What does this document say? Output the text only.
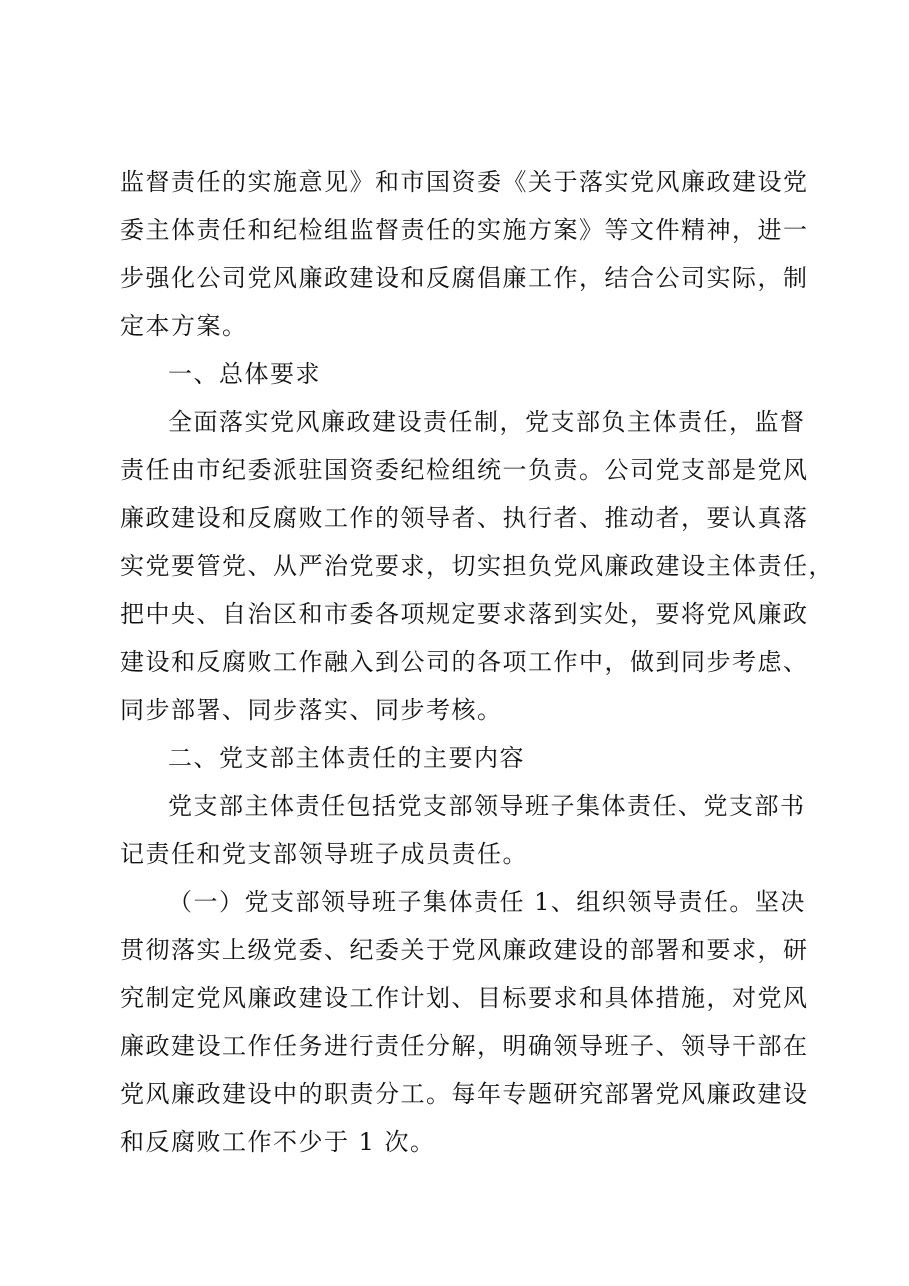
监督责任的实施意见》和市国资委《关于落实党风廉政建设党
委主体责任和纪检组监督责任的实施方案》等文件精神，进一
步强化公司党风廉政建设和反腐倡廉工作，结合公司实际，制
定本方案。
一、总体要求
全面落实党风廉政建设责任制，党支部负主体责任，监督
责任由市纪委派驻国资委纪检组统一负责。公司党支部是党风
廉政建设和反腐败工作的领导者、执行者、推动者，要认真落
实党要管党、从严治党要求，切实担负党风廉政建设主体责任，
把中央、自治区和市委各项规定要求落到实处，要将党风廉政
建设和反腐败工作融入到公司的各项工作中，做到同步考虑、
同步部署、同步落实、同步考核。
二、党支部主体责任的主要内容
党支部主体责任包括党支部领导班子集体责任、党支部书
记责任和党支部领导班子成员责任。
（一）党支部领导班子集体责任 1、组织领导责任。坚决
贯彻落实上级党委、纪委关于党风廉政建设的部署和要求，研
究制定党风廉政建设工作计划、目标要求和具体措施，对党风
廉政建设工作任务进行责任分解，明确领导班子、领导干部在
党风廉政建设中的职责分工。每年专题研究部署党风廉政建设
和反腐败工作不少于 1 次。
